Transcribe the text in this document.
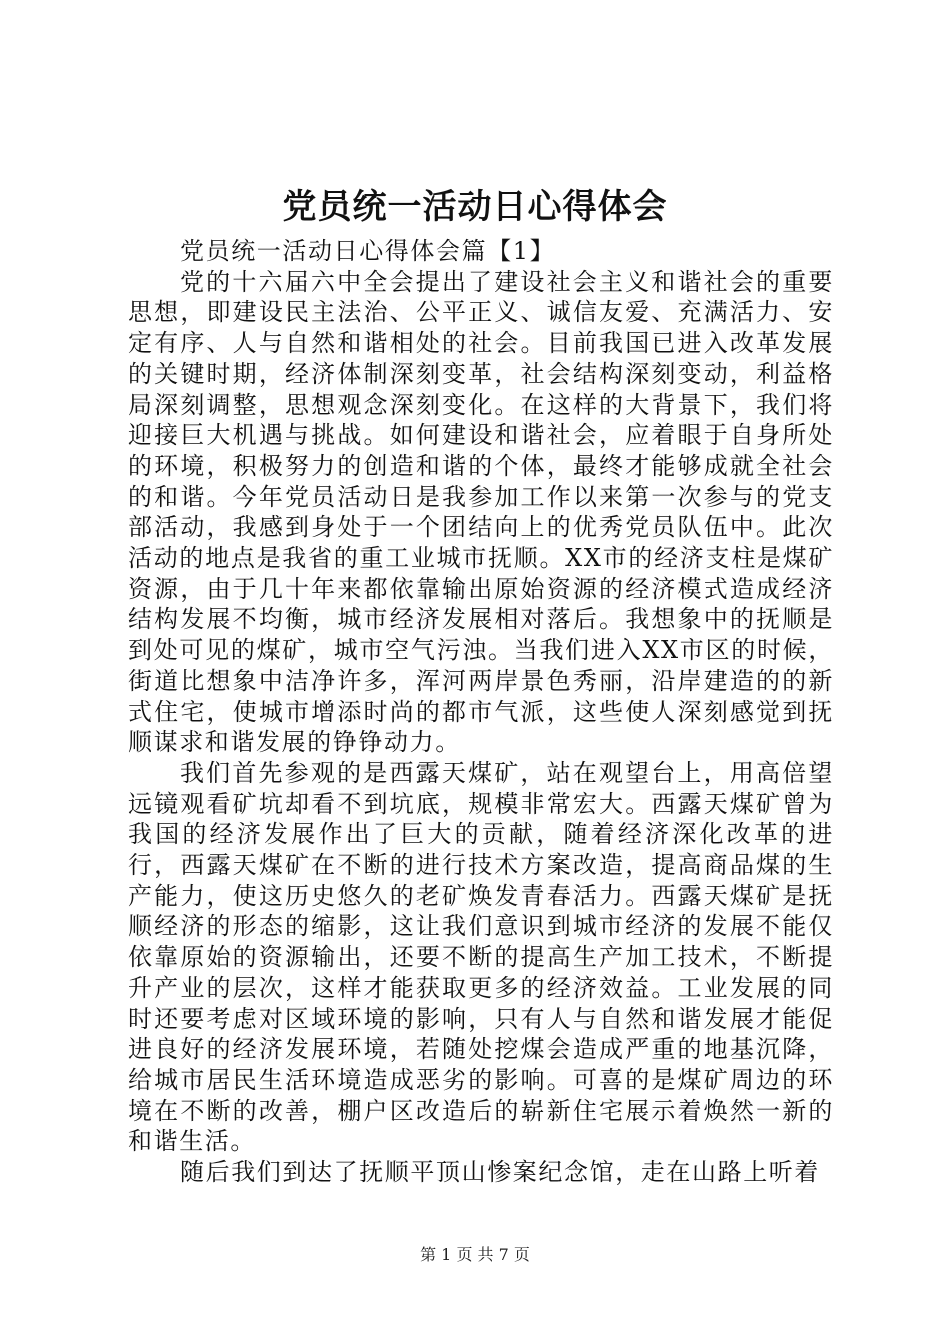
党员统一活动日心得体会

党员统一活动日心得体会篇【1】

党的十六届六中全会提出了建设社会主义和谐社会的重要思想，即建设民主法治、公平正义、诚信友爱、充满活力、安定有序、人与自然和谐相处的社会。目前我国已进入改革发展的关键时期，经济体制深刻变革，社会结构深刻变动，利益格局深刻调整，思想观念深刻变化。在这样的大背景下，我们将迎接巨大机遇与挑战。如何建设和谐社会，应着眼于自身所处的环境，积极努力的创造和谐的个体，最终才能够成就全社会的和谐。今年党员活动日是我参加工作以来第一次参与的党支部活动，我感到身处于一个团结向上的优秀党员队伍中。此次活动的地点是我省的重工业城市抚顺。XX市的经济支柱是煤矿资源，由于几十年来都依靠输出原始资源的经济模式造成经济结构发展不均衡，城市经济发展相对落后。我想象中的抚顺是到处可见的煤矿，城市空气污浊。当我们进入XX市区的时候，街道比想象中洁净许多，浑河两岸景色秀丽，沿岸建造的的新式住宅，使城市增添时尚的都市气派，这些使人深刻感觉到抚顺谋求和谐发展的铮铮动力。

我们首先参观的是西露天煤矿，站在观望台上，用高倍望远镜观看矿坑却看不到坑底，规模非常宏大。西露天煤矿曾为我国的经济发展作出了巨大的贡献，随着经济深化改革的进行，西露天煤矿在不断的进行技术方案改造，提高商品煤的生产能力，使这历史悠久的老矿焕发青春活力。西露天煤矿是抚顺经济的形态的缩影，这让我们意识到城市经济的发展不能仅依靠原始的资源输出，还要不断的提高生产加工技术，不断提升产业的层次，这样才能获取更多的经济效益。工业发展的同时还要考虑对区域环境的影响，只有人与自然和谐发展才能促进良好的经济发展环境，若随处挖煤会造成严重的地基沉降，给城市居民生活环境造成恶劣的影响。可喜的是煤矿周边的环境在不断的改善，棚户区改造后的崭新住宅展示着焕然一新的和谐生活。

随后我们到达了抚顺平顶山惨案纪念馆，走在山路上听着

第 1 页 共 7 页
